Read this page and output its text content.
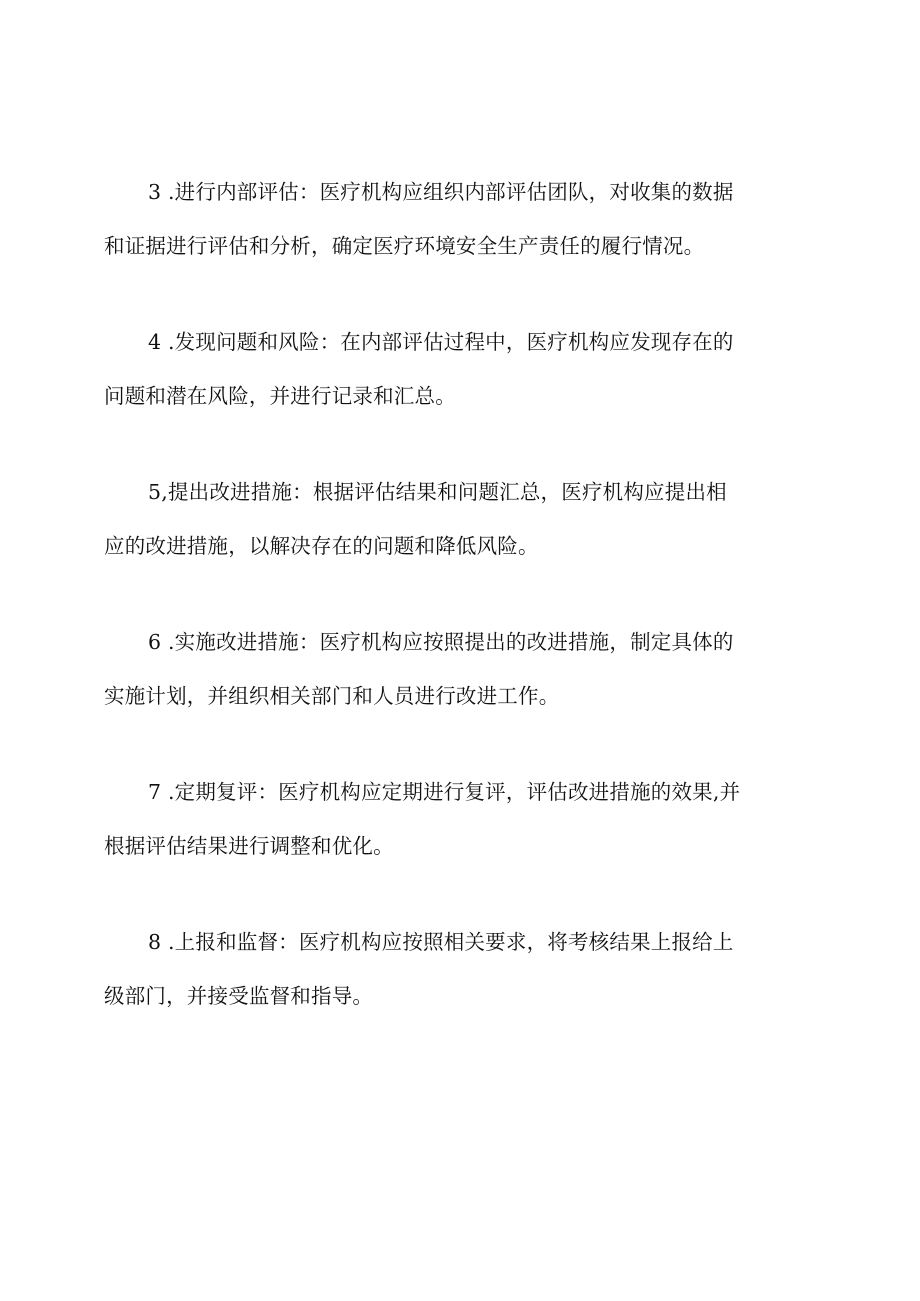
3 .进行内部评估：医疗机构应组织内部评估团队，对收集的数据
和证据进行评估和分析，确定医疗环境安全生产责任的履行情况。
4 .发现问题和风险：在内部评估过程中，医疗机构应发现存在的
问题和潜在风险，并进行记录和汇总。
5,提出改进措施：根据评估结果和问题汇总，医疗机构应提出相
应的改进措施，以解决存在的问题和降低风险。
6 .实施改进措施：医疗机构应按照提出的改进措施，制定具体的
实施计划，并组织相关部门和人员进行改进工作。
7 .定期复评：医疗机构应定期进行复评，评估改进措施的效果,并
根据评估结果进行调整和优化。
8 .上报和监督：医疗机构应按照相关要求，将考核结果上报给上
级部门，并接受监督和指导。
